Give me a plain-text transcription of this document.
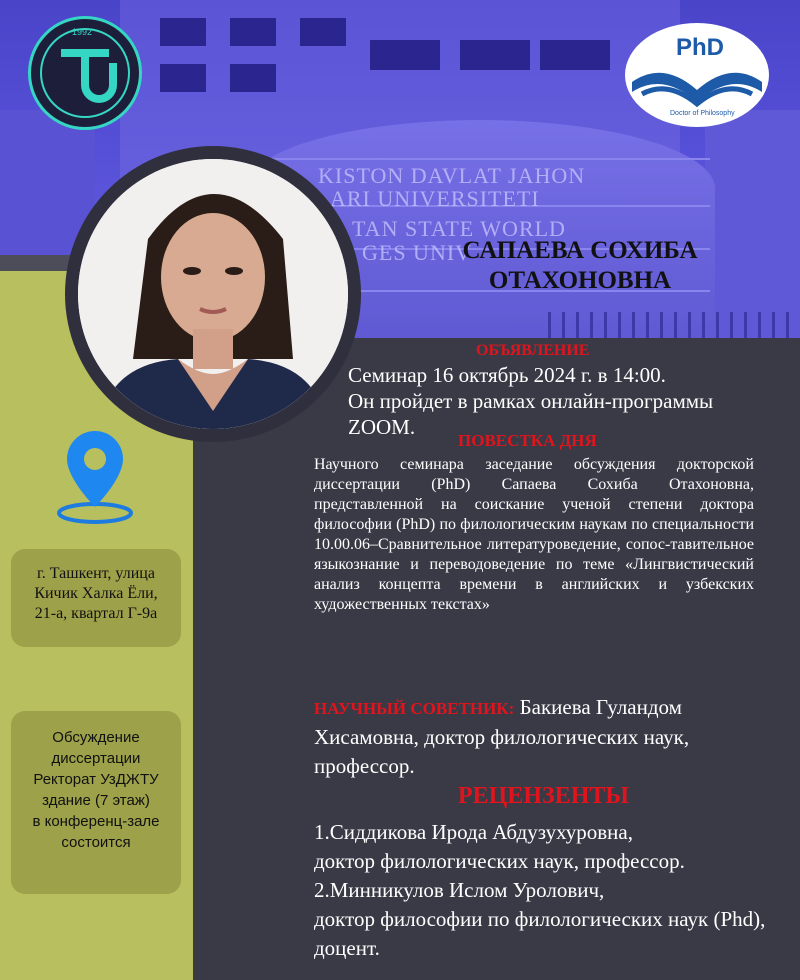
KISTON DAVLAT JAHON
ARI UNIVERSITETI
TAN STATE WORLD
GES UNIV
1992
PhD
Doctor of Philosophy
САПАЕВА СОХИБА
ОТАХОНОВНА
ОБЪЯВЛЕНИЕ
Семинар 16 октябрь 2024 г. в 14:00.
Он пройдет в рамках онлайн-программы
ZOOM.
ПОВЕСТКА ДНЯ
Научного семинара заседание обсуждения докторской диссертации (PhD) Сапаева Сохиба Отахоновна, представленной на соискание ученой степени доктора философии (PhD) по филологическим наукам по специальности 10.00.06–Сравнительное литературоведение, сопос-тавительное языкознание и переводоведение по теме «Лингвистический анализ концепта времени в английских и узбекских художественных текстах»
НАУЧНЫЙ СОВЕТНИК: Бакиева Гуландом Хисамовна, доктор филологических наук, профессор.
РЕЦЕНЗЕНТЫ
1.Сиддикова Ирода Абдузухуровна,
доктор филологических наук, профессор.
2.Минникулов Ислом Уролович,
доктор философии по филологических наук (Phd), доцент.
г. Ташкент, улица
Кичик Халка Ёли,
21-а, квартал Г-9а
Обсуждение
диссертации
Ректорат УзДЖТУ
здание (7 этаж)
в конференц-зале
состоится
